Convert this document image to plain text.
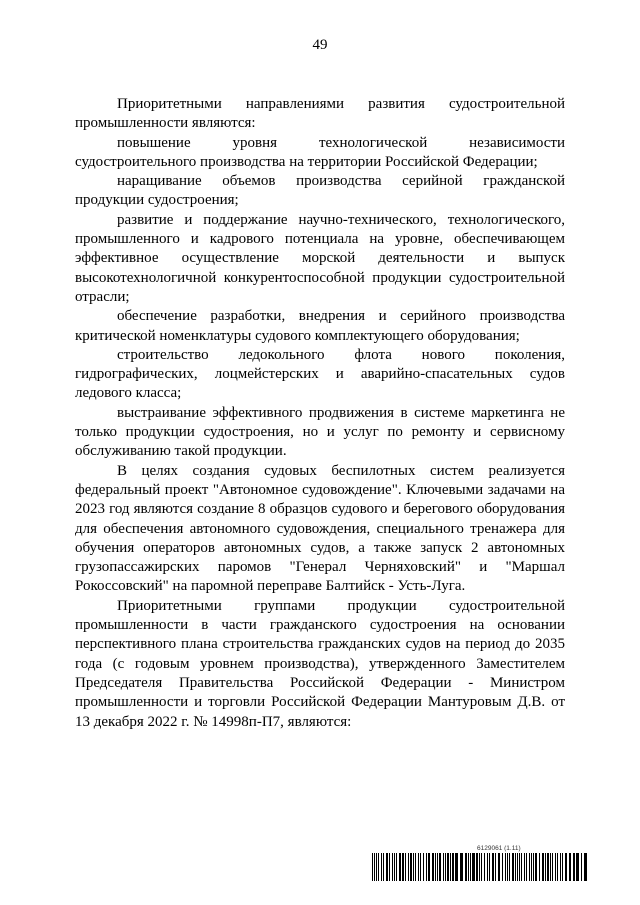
49

Приоритетными направлениями развития судостроительной промышленности являются:

повышение уровня технологической независимости судостроительного производства на территории Российской Федерации;

наращивание объемов производства серийной гражданской продукции судостроения;

развитие и поддержание научно-технического, технологического, промышленного и кадрового потенциала на уровне, обеспечивающем эффективное осуществление морской деятельности и выпуск высокотехнологичной конкурентоспособной продукции судостроительной отрасли;

обеспечение разработки, внедрения и серийного производства критической номенклатуры судового комплектующего оборудования;

строительство ледокольного флота нового поколения, гидрографических, лоцмейстерских и аварийно-спасательных судов ледового класса;

выстраивание эффективного продвижения в системе маркетинга не только продукции судостроения, но и услуг по ремонту и сервисному обслуживанию такой продукции.

В целях создания судовых беспилотных систем реализуется федеральный проект "Автономное судовождение". Ключевыми задачами на 2023 год являются создание 8 образцов судового и берегового оборудования для обеспечения автономного судовождения, специального тренажера для обучения операторов автономных судов, а также запуск 2 автономных грузопассажирских паромов "Генерал Черняховский" и "Маршал Рокоссовский" на паромной переправе Балтийск - Усть-Луга.

Приоритетными группами продукции судостроительной промышленности в части гражданского судостроения на основании перспективного плана строительства гражданских судов на период до 2035 года (с годовым уровнем производства), утвержденного Заместителем Председателя Правительства Российской Федерации - Министром промышленности и торговли Российской Федерации Мантуровым Д.В. от 13 декабря 2022 г. № 14998п-П7, являются:

6129061 (1.11)
